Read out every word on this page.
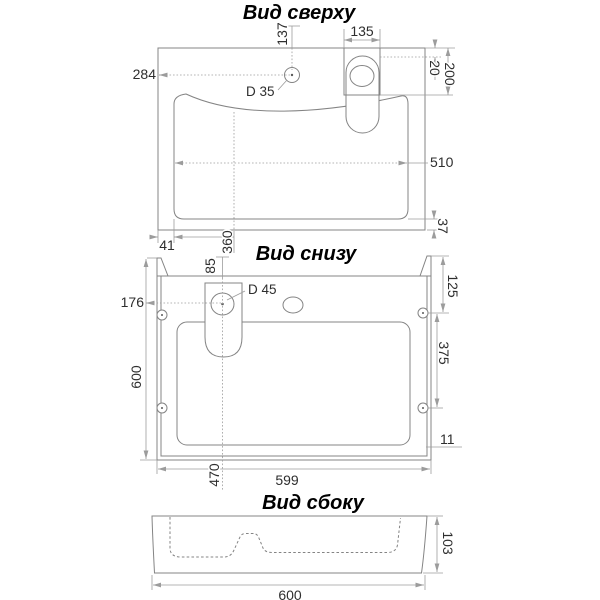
Вид сверху
137	135
284
D 35
20 200
510
37
41	360
Вид снизу
D 45
85
176
600
125
375
11
599
470
Вид сбоку
103
600
